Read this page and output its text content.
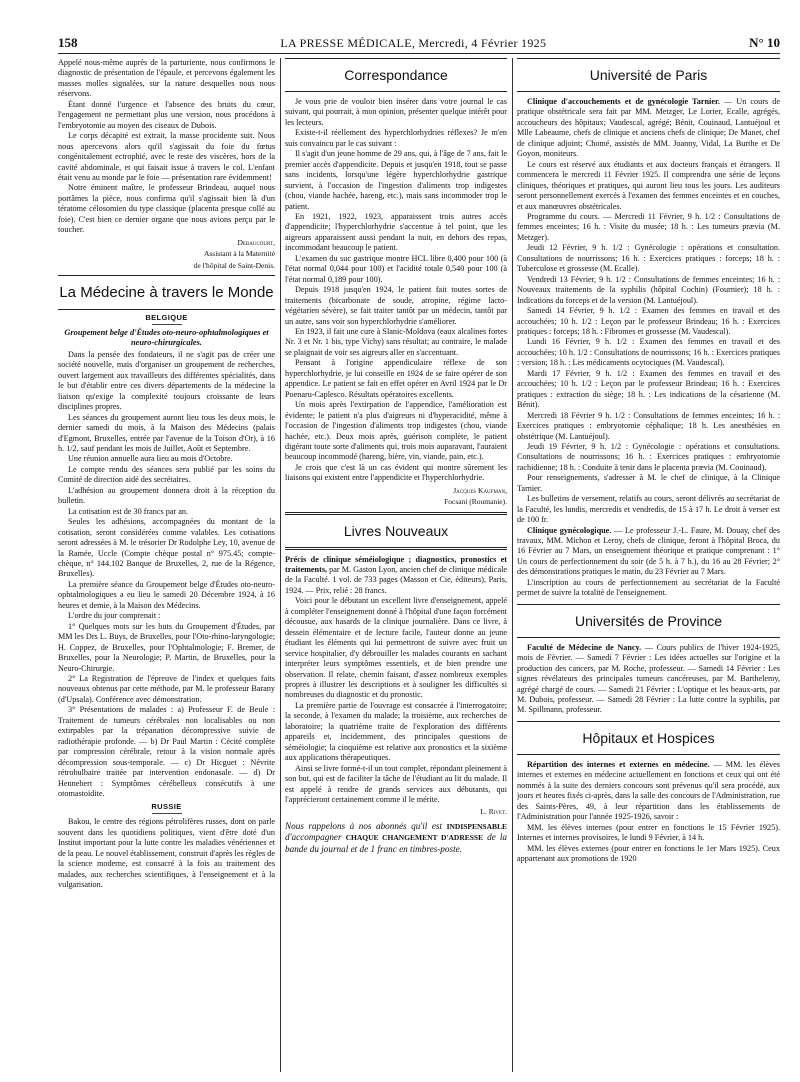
158	LA PRESSE MÉDICALE, Mercredi, 4 Février 1925	N° 10

Appelé nous-même auprès de la parturiente, nous confirmons le diagnostic de présentation de l'épaule, et percevons également les masses molles signalées, sur la nature desquelles nous nous réservons.

Étant donné l'urgence et l'absence des bruits du cœur, l'engagement ne permettant plus une version, nous procédons à l'embryotomie au moyen des ciseaux de Dubois.

Le corps décapité est extrait, la masse procidente suit. Nous nous apercevons alors qu'il s'agissait du foie du fœtus congénitalement ectrophié, avec le reste des viscères, hors de la cavité abdominale, et qui faisait issue à travers le col. L'enfant était venu au monde par le foie — présentation rare évidemment!

Notre éminent maître, le professeur Brindeau, auquel nous portâmes la pièce, nous confirma qu'il s'agissait bien là d'un tératome célosomien du type classique (placenta presque collé au foie). C'est bien ce dernier organe que nous avions perçu par le toucher.

Debaucourt,
Assistant à la Maternité
de l'hôpital de Saint-Denis.
La Médecine à travers le Monde
BELGIQUE

Groupement belge d'Études oto-neuro-ophtalmologiques et neuro-chirurgicales.

Dans la pensée des fondateurs, il ne s'agit pas de créer une société nouvelle, mais d'organiser un groupement de recherches, ouvert largement aux travailleurs des différentes spécialités, dans le but d'établir entre ces divers départements de la médecine la liaison qu'exige la complexité toujours croissante de leurs disciplines propres.

Les séances du groupement auront lieu tous les deux mois, le dernier samedi du mois, à la Maison des Médecins (palais d'Egmont, Bruxelles, entrée par l'avenue de la Toison d'Or), à 16 h. 1/2, sauf pendant les mois de Juillet, Août et Septembre.

Une réunion annuelle aura lieu au mois d'Octobre.

Le compte rendu des séances sera publié par les soins du Comité de direction aidé des secrétaires.

L'adhésion au groupement donnera droit à la réception du bulletin.

La cotisation est de 30 francs par an.

Seules les adhésions, accompagnées du montant de la cotisation, seront considérées comme valables. Les cotisations seront adressées à M. le trésorier Dr Rodolphe Ley, 10, avenue de la Ramée, Uccle (Compte chèque postal n° 975.45; compte-chèque, n° 144.102 Banque de Bruxelles, 2, rue de la Régence, Bruxelles).

La première séance du Groupement belge d'Études oto-neuro-ophtalmologiques a eu lieu le samedi 20 Décembre 1924, à 16 heures et demie, à la Maison des Médecins.

L'ordre du jour comprenait :

1° Quelques mots sur les buts du Groupement d'Études, par MM les Drs L. Buys, de Bruxelles, pour l'Oto-rhino-laryngologie; H. Coppez, de Bruxelles, pour l'Ophtalmologie; F. Bremer, de Bruxelles, pour la Neurologie; P. Martin, de Bruxelles, pour la Neuro-Chirurgie.

2° La Registration de l'épreuve de l'index et quelques faits nouveaux obtenus par cette méthode, par M. le professeur Barany (d'Upsala). Conférence avec démonstration.

3° Présentations de malades : a) Professeur F. de Beule : Traitement de tumeurs cérébrales non localisables ou non extirpables par la trépanation décompressive suivie de radiothérapie profonde. — b) Dr Paul Martin : Cécité complète par compression cérébrale, retour à la vision normale après décompression sous-temporale. — c) Dr Hicguet : Névrite rétrobulbaire traitée par intervention endonasale. — d) Dr Hennebert : Symptômes cérébelleux consécutifs à une otomastoïdite.

RUSSIE

Bakou, le centre des régions pétrolifères russes, dont on parle souvent dans les quotidiens politiques, vient d'être doté d'un Institut important pour la lutte contre les maladies vénériennes et de la peau. Le nouvel établissement, construit d'après les règles de la science moderne, est consacré à la fois au traitement des malades, aux recherches scientifiques, à l'enseignement et à la vulgarisation.

Correspondance

Je vous prie de vouloir bien insérer dans votre journal le cas suivant, qui pourrait, à mon opinion, présenter quelque intérêt pour les lecteurs.

Existe-t-il réellement des hyperchlorhydries réflexes? Je m'en suis convaincu par le cas suivant :

Il s'agit d'un jeune homme de 29 ans, qui, à l'âge de 7 ans, fait le premier accès d'appendicite. Depuis et jusqu'en 1918, tout se passe sans incidents, lorsqu'une légère hyperchlorhydrie gastrique survient, à l'occasion de l'ingestion d'aliments trop indigestes (chou, viande hachée, hareng, etc.), mais sans incommoder trop le patient.

En 1921, 1922, 1923, apparaissent trois autres accès d'appendicite; l'hyperchlorhydrie s'accentue à tel point, que les aigreurs apparaissent aussi pendant la nuit, en dehors des repas, incommodant beaucoup le patient.

L'examen du suc gastrique montre HCL libre 0,400 pour 100 (à l'état normal 0,044 pour 100) et l'acidité totale 0,540 pour 100 (à l'état normal 0,189 pour 100).

Depuis 1918 jusqu'en 1924, le patient fait toutes sortes de traitements (bicarbonate de soude, atropine, régime lacto-végétarien sévère), se fait traiter tantôt par un médecin, tantôt par un autre, sans voir son hyperchlorhydrie s'améliorer.

En 1923, il fait une cure à Slanic-Moldova (eaux alcalines fortes Nr. 3 et Nr. 1 bis, type Vichy) sans résultat; au contraire, le malade se plaignait de voir ses aigreurs aller en s'accentuant.

Pensant à l'origine appendiculaire réflexe de son hyperchlorhydrie, je lui conseille en 1924 de se faire opérer de son appendice. Le patient se fait en effet opérer en Avril 1924 par le Dr Poenaru-Caplesco. Résultats opératoires excellents.

Un mois après l'extirpation de l'appendice, l'amélioration est évidente; le patient n'a plus d'aigreurs ni d'hyperacidité, même à l'occasion de l'ingestion d'aliments trop indigestes (chou, viande hachée, etc.). Deux mois après, guérison complète, le patient digérant toute sorte d'aliments qui, trois mois auparavant, l'auraient beaucoup incommodé (hareng, bière, vin, viande, pain, etc.).

Je crois que c'est là un cas évident qui montre sûrement les liaisons qui existent entre l'appendicite et l'hyperchlorhydrie.

Jacques Kaufman,
Focsani (Roumanie).
Livres Nouveaux

Précis de clinique séméiologique ; diagnostics, pronostics et traitements, par M. Gaston Lyon, ancien chef de clinique médicale de la Faculté. 1 vol. de 733 pages (Masson et Cie, éditeurs), Paris, 1924. — Prix, relié : 28 francs.

Voici pour le débutant un excellent livre d'enseignement, appelé à compléter l'enseignement donné à l'hôpital d'une façon forcément décousue, aux hasards de la clinique journalière. Dans ce livre, à dessein élémentaire et de lecture facile, l'auteur donne au jeune étudiant les éléments qui lui permettront de suivre avec fruit un service hospitalier, d'y débrouiller les malades courants en sachant interpréter leurs symptômes essentiels, et de bien prendre une observation. Il relate, chemin faisant, d'assez nombreux exemples propres à illustrer les descriptions et à souligner les difficultés si nombreuses du diagnostic et du pronostic.

La première partie de l'ouvrage est consacrée à l'interrogatoire; la seconde, à l'examen du malade; la troisième, aux recherches de laboratoire; la quatrième traite de l'exploration des différents appareils et, incidemment, des principales questions de séméiologie; la cinquième est relative aux pronostics et la sixième aux applications thérapeutiques.

Ainsi se livre formé-t-il un tout complet, répondant pleinement à son but, qui est de faciliter la tâche de l'étudiant au lit du malade. Il est appelé à rendre de grands services aux débutants, qui l'apprécieront certainement comme il le mérite.

L. Rivet.

Nous rappelons à nos abonnés qu'il est INDISPENSABLE d'accompagner CHAQUE CHANGEMENT D'ADRESSE de la bande du journal et de 1 franc en timbres-poste.

Université de Paris

Clinique d'accouchements et de gynécologie Tarnier. — Un cours de pratique obstétricale sera fait par MM. Metzger, Le Lorier, Ecalle, agrégés, accoucheurs des hôpitaux; Vaudescal, agrégé; Bénit, Couinaud, Lantuéjoul et Mlle Labeaume, chefs de clinique et anciens chefs de clinique; De Manet, chef de clinique adjoint; Chomé, assistés de MM. Joanny, Vidal, La Burthe et De Goyon, moniteurs.

Le cours est réservé aux étudiants et aux docteurs français et étrangers. Il commencera le mercredi 11 Février 1925. Il comprendra une série de leçons cliniques, théoriques et pratiques, qui auront lieu tous les jours. Les auditeurs seront personnellement exercés à l'examen des femmes enceintes et en couches, et aux manœuvres obstétricales.

Programme du cours. — Mercredi 11 Février, 9 h. 1/2 : Consultations de femmes enceintes; 16 h. : Visite du musée; 18 h. : Les tumeurs prævia (M. Metzger).

Jeudi 12 Février, 9 h. 1/2 : Gynécologie : opérations et consultation. Consultations de nourrissons; 16 h. : Exercices pratiques : forceps; 18 h. : Tuberculose et grossesse (M. Ecalle).

Vendredi 13 Février, 9 h. 1/2 : Consultations de femmes enceintes; 16 h. : Nouveaux traitements de la syphilis (hôpital Cochin) (Fournier); 18 h. : Indications du forceps et de la version (M. Lantuéjoul).

Samedi 14 Février, 9 h. 1/2 : Examen des femmes en travail et des accouchées; 10 h. 1/2 : Leçon par le professeur Brindeau; 16 h. : Exercices pratiques : forceps; 18 h. : Fibromes et grossesse (M. Vaudescal).

Lundi 16 Février, 9 h. 1/2 : Examen des femmes en travail et des accouchées; 10 h. 1/2 : Consultations de nourrissons; 16 h. : Exercices pratiques : version; 18 h. : Les médicaments ocytociques (M. Vaudescal).

Mardi 17 Février, 9 h. 1/2 : Examen des femmes en travail et des accouchées; 10 h. 1/2 : Leçon par le professeur Brindeau; 16 h. : Exercices pratiques : extraction du siège; 18 h. : Les indications de la césarienne (M. Bénit).

Mercredi 18 Février 9 h. 1/2 : Consultations de femmes enceintes; 16 h. : Exercices pratiques : embryotomie céphalique; 18 h. Les anesthésies en obstétrique (M. Lantuéjoul).

Jeudi 19 Février, 9 h. 1/2 : Gynécologie : opérations et consultations. Consultations de nourrissons; 16 h. : Exercices pratiques : embryotomie rachidienne; 18 h. : Conduite à tenir dans le placenta prævia (M. Couinaud).

Pour renseignements, s'adresser à M. le chef de clinique, à la Clinique Tarnier.

Les bulletins de versement, relatifs au cours, seront délivrés au secrétariat de la Faculté, les lundis, mercredis et vendredis, de 15 à 17 h. Le droit à verser est de 100 fr.

Clinique gynécologique. — Le professeur J.-L. Faure, M. Douay, chef des travaux, MM. Michon et Leroy, chefs de clinique, feront à l'hôpital Broca, du 16 Février au 7 Mars, un enseignement théorique et pratique comprenant : 1° Un cours de perfectionnement du soir (de 5 h. à 7 h.), du 16 au 28 Février; 2° des démonstrations pratiques le matin, du 23 Février au 7 Mars.

L'inscription au cours de perfectionnement au secrétariat de la Faculté permet de suivre la totalité de l'enseignement.

Universités de Province

Faculté de Médecine de Nancy. — Cours publics de l'hiver 1924-1925, mois de Février. — Samedi 7 Février : Les idées actuelles sur l'origine et la production des cancers, par M. Roche, professeur. — Samedi 14 Février : Les signes révélateurs des principales tumeurs cancéreuses, par M. Barthelemy, agrégé chargé de cours. — Samedi 21 Février : L'optique et les beaux-arts, par M. Dubois, professeur. — Samedi 28 Février : La lutte contre la syphilis, par M. Spillmann, professeur.

Hôpitaux et Hospices

Répartition des internes et externes en médecine. — MM. les élèves internes et externes en médecine actuellement en fonctions et ceux qui ont été nommés à la suite des derniers concours sont prévenus qu'il sera procédé, aux jours et heures fixés ci-après, dans la salle des concours de l'Administration, rue des Saints-Pères, 49, à leur répartition dans les établissements de l'Administration pour l'année 1925-1926, savoir :

MM. les élèves internes (pour entrer en fonctions le 15 Février 1925). Internes et internes provisoires, le lundi 9 Février, à 14 h.

MM. les élèves externes (pour entrer en fonctions le 1er Mars 1925). Ceux appartenant aux promotions de 1920
